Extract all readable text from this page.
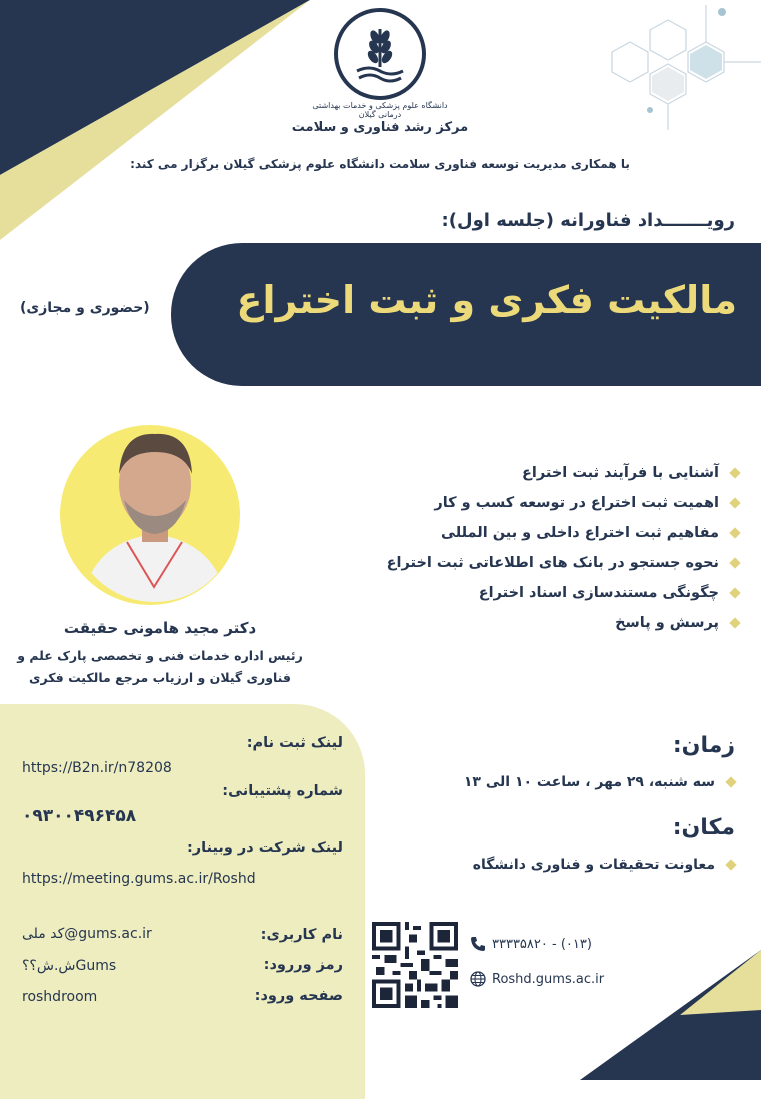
دانشگاه علوم پزشکی و خدمات بهداشتی درمانی گیلان
مرکز رشد فناوری و سلامت
با همکاری مدیریت توسعه فناوری سلامت دانشگاه علوم پزشکی گیلان برگزار می کند:
رویـــــــداد فناورانه (جلسه اول):
مالکیت فکری و ثبت اختراع
(حضوری و مجازی)
دکتر مجید هامونی حقیقت
رئیس اداره خدمات فنی و تخصصی پارک علم و
فناوری گیلان و ارزیاب مرجع مالکیت فکری
آشنایی با فرآیند ثبت اختراع
اهمیت ثبت اختراع در توسعه کسب و کار
مفاهیم ثبت اختراع داخلی و بین المللی
نحوه جستجو در بانک های اطلاعاتی ثبت اختراع
چگونگی مستندسازی اسناد اختراع
پرسش و پاسخ
لینک ثبت نام:
https://B2n.ir/n78208
شماره پشتیبانی:
۰۹۳۰۰۴۹۶۴۵۸
لینک شرکت در وبینار:
https://meeting.gums.ac.ir/Roshd
نام کاربری:
کد ملی@gums.ac.ir
رمز وررود:
ش.ش؟؟Gums
صفحه ورود:
roshdroom
زمان:
سه شنبه، ۲۹ مهر ، ساعت ۱۰ الی ۱۳
مکان:
معاونت تحقیقات و فناوری دانشگاه
(۰۱۳) - ۳۳۳۳۵۸۲۰
Roshd.gums.ac.ir
